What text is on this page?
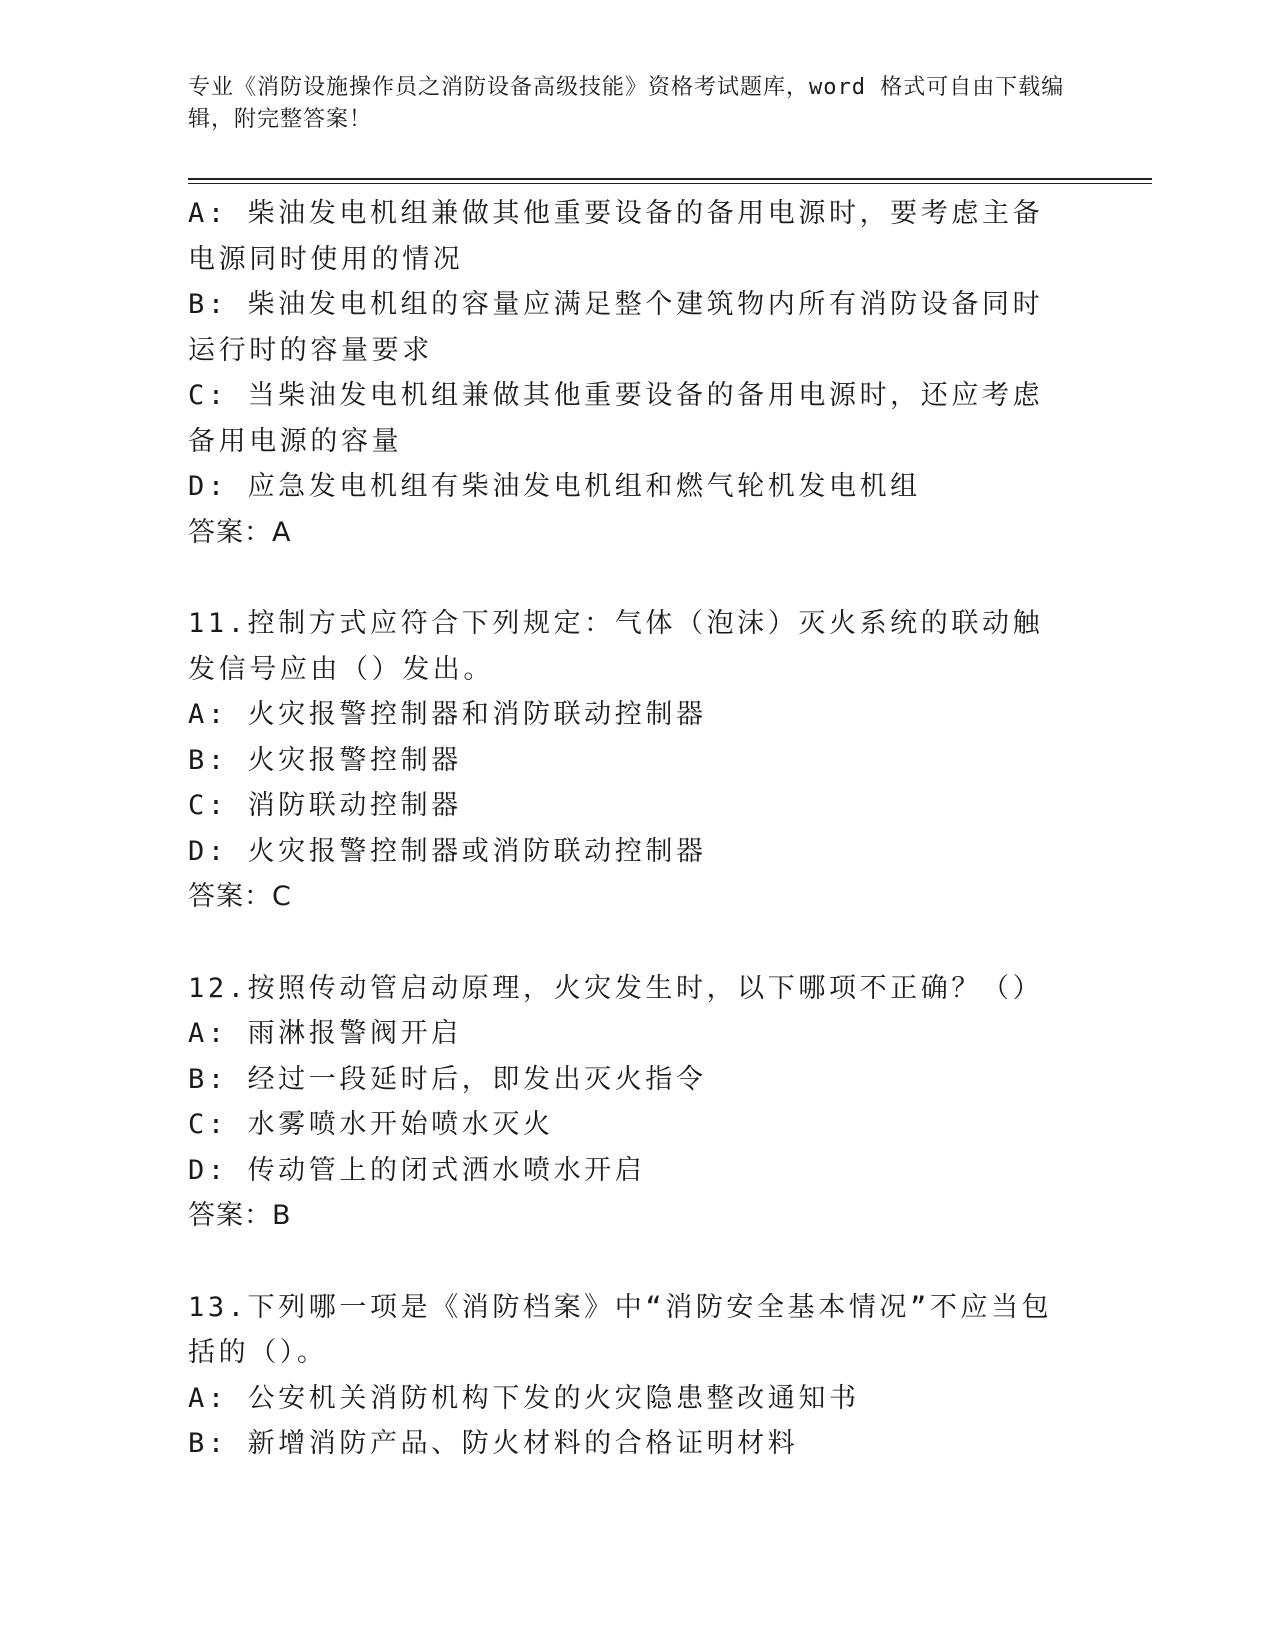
专业《消防设施操作员之消防设备高级技能》资格考试题库，word 格式可自由下载编辑，附完整答案！
A: 柴油发电机组兼做其他重要设备的备用电源时，要考虑主备电源同时使用的情况
B: 柴油发电机组的容量应满足整个建筑物内所有消防设备同时运行时的容量要求
C: 当柴油发电机组兼做其他重要设备的备用电源时，还应考虑备用电源的容量
D: 应急发电机组有柴油发电机组和燃气轮机发电机组
答案：A
11.控制方式应符合下列规定：气体（泡沫）灭火系统的联动触发信号应由（）发出。
A: 火灾报警控制器和消防联动控制器
B: 火灾报警控制器
C: 消防联动控制器
D: 火灾报警控制器或消防联动控制器
答案：C
12.按照传动管启动原理，火灾发生时，以下哪项不正确？（）
A: 雨淋报警阀开启
B: 经过一段延时后，即发出灭火指令
C: 水雾喷水开始喷水灭火
D: 传动管上的闭式洒水喷水开启
答案：B
13.下列哪一项是《消防档案》中“消防安全基本情况”不应当包括的（）。
A: 公安机关消防机构下发的火灾隐患整改通知书
B: 新增消防产品、防火材料的合格证明材料
